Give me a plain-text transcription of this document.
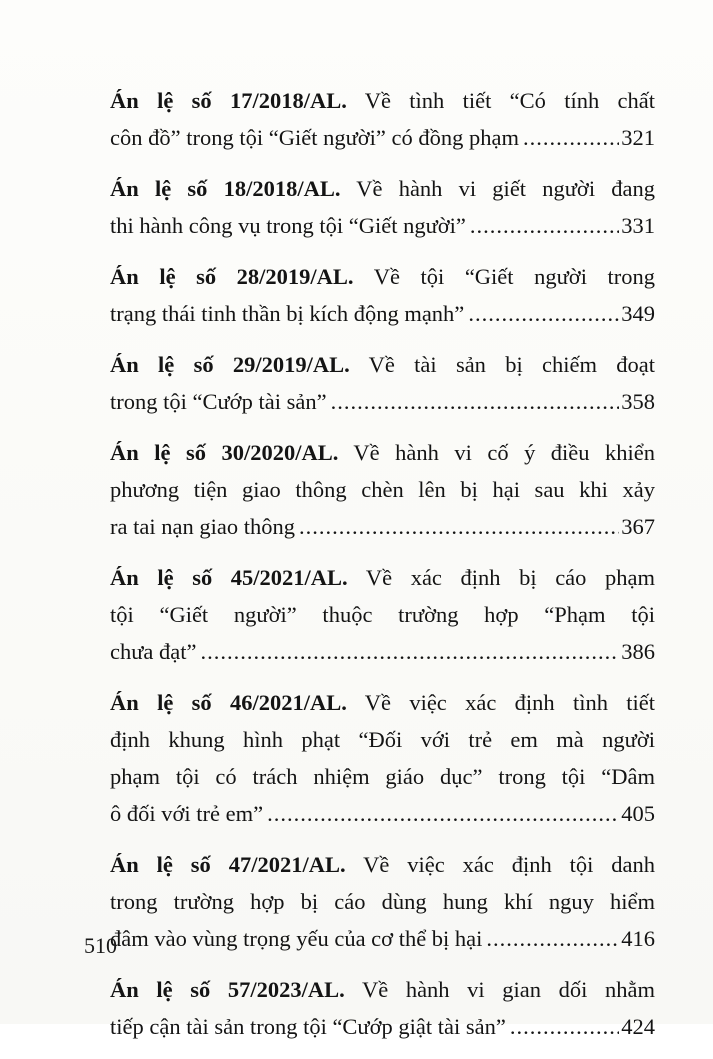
Án lệ số 17/2018/AL. Về tình tiết “Có tính chất
côn đồ” trong tội “Giết người” có đồng phạm .....	321
Án lệ số 18/2018/AL. Về hành vi giết người đang
thi hành công vụ trong tội “Giết người” .....	331
Án lệ số 28/2019/AL. Về tội “Giết người trong
trạng thái tinh thần bị kích động mạnh” .....	349
Án lệ số 29/2019/AL. Về tài sản bị chiếm đoạt
trong tội “Cướp tài sản” .....	358
Án lệ số 30/2020/AL. Về hành vi cố ý điều khiển
phương tiện giao thông chèn lên bị hại sau khi xảy
ra tai nạn giao thông .....	367
Án lệ số 45/2021/AL. Về xác định bị cáo phạm
tội “Giết người” thuộc trường hợp “Phạm tội
chưa đạt” .....	386
Án lệ số 46/2021/AL. Về việc xác định tình tiết
định khung hình phạt “Đối với trẻ em mà người
phạm tội có trách nhiệm giáo dục” trong tội “Dâm
ô đối với trẻ em” .....	405
Án lệ số 47/2021/AL. Về việc xác định tội danh
trong trường hợp bị cáo dùng hung khí nguy hiểm
đâm vào vùng trọng yếu của cơ thể bị hại .....	416
Án lệ số 57/2023/AL. Về hành vi gian dối nhằm
tiếp cận tài sản trong tội “Cướp giật tài sản” .....	424
510
